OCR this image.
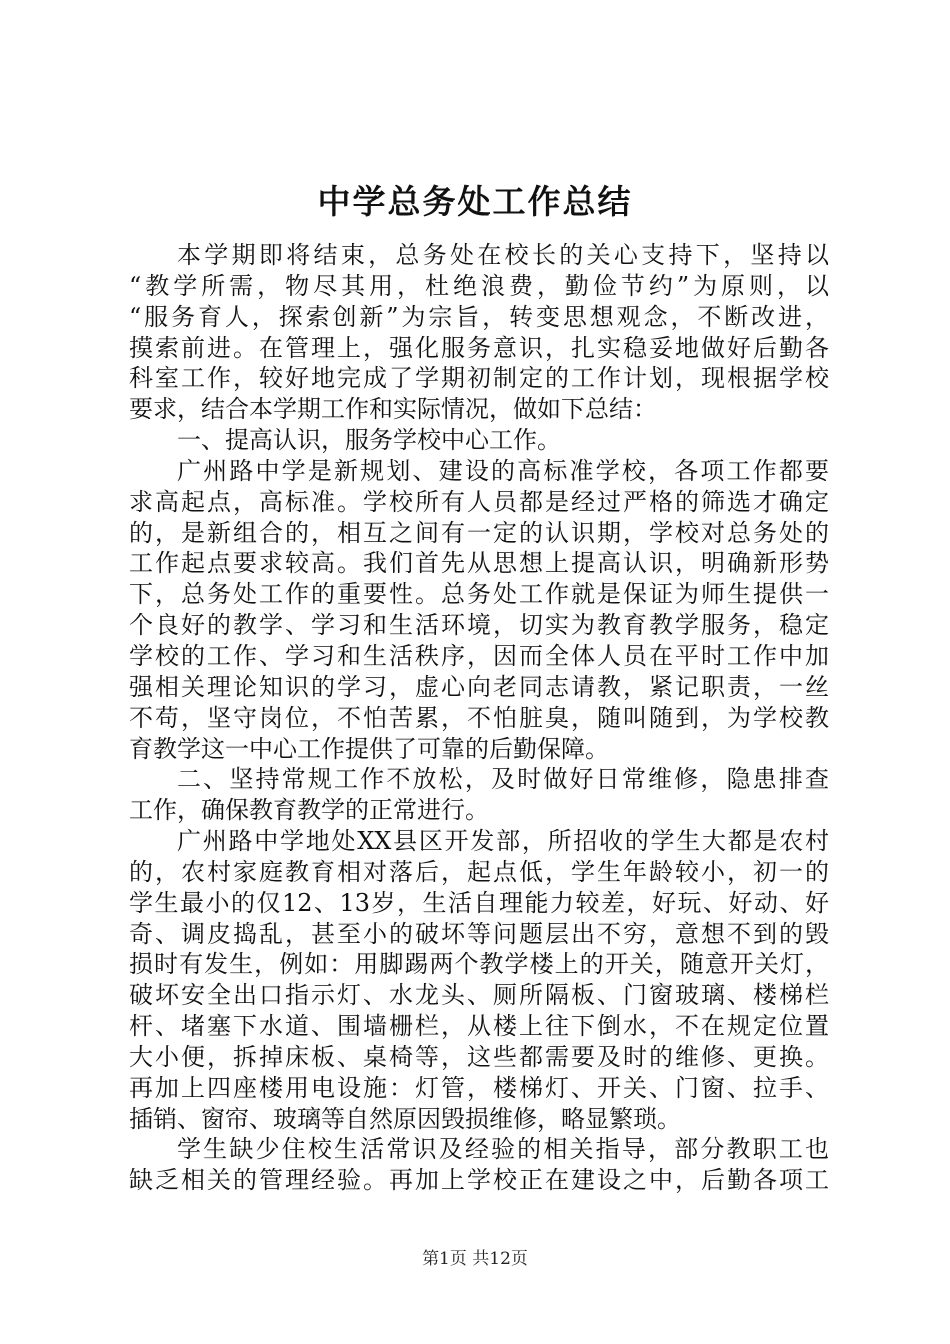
中学总务处工作总结
本学期即将结束，总务处在校长的关心支持下，坚持以
“教学所需，物尽其用，杜绝浪费，勤俭节约”为原则，以
“服务育人，探索创新”为宗旨，转变思想观念，不断改进，
摸索前进。在管理上，强化服务意识，扎实稳妥地做好后勤各
科室工作，较好地完成了学期初制定的工作计划，现根据学校
要求，结合本学期工作和实际情况，做如下总结：
一、提高认识，服务学校中心工作。
广州路中学是新规划、建设的高标准学校，各项工作都要
求高起点，高标准。学校所有人员都是经过严格的筛选才确定
的，是新组合的，相互之间有一定的认识期，学校对总务处的
工作起点要求较高。我们首先从思想上提高认识，明确新形势
下，总务处工作的重要性。总务处工作就是保证为师生提供一
个良好的教学、学习和生活环境，切实为教育教学服务，稳定
学校的工作、学习和生活秩序，因而全体人员在平时工作中加
强相关理论知识的学习，虚心向老同志请教，紧记职责，一丝
不苟，坚守岗位，不怕苦累，不怕脏臭，随叫随到，为学校教
育教学这一中心工作提供了可靠的后勤保障。
二、坚持常规工作不放松，及时做好日常维修，隐患排查
工作，确保教育教学的正常进行。
广州路中学地处XX县区开发部，所招收的学生大都是农村
的，农村家庭教育相对落后，起点低，学生年龄较小，初一的
学生最小的仅12、13岁，生活自理能力较差，好玩、好动、好
奇、调皮捣乱，甚至小的破坏等问题层出不穷，意想不到的毁
损时有发生，例如：用脚踢两个教学楼上的开关，随意开关灯，
破坏安全出口指示灯、水龙头、厕所隔板、门窗玻璃、楼梯栏
杆、堵塞下水道、围墙栅栏，从楼上往下倒水，不在规定位置
大小便，拆掉床板、桌椅等，这些都需要及时的维修、更换。
再加上四座楼用电设施：灯管，楼梯灯、开关、门窗、拉手、
插销、窗帘、玻璃等自然原因毁损维修，略显繁琐。
学生缺少住校生活常识及经验的相关指导，部分教职工也
缺乏相关的管理经验。再加上学校正在建设之中，后勤各项工
第1页 共12页
